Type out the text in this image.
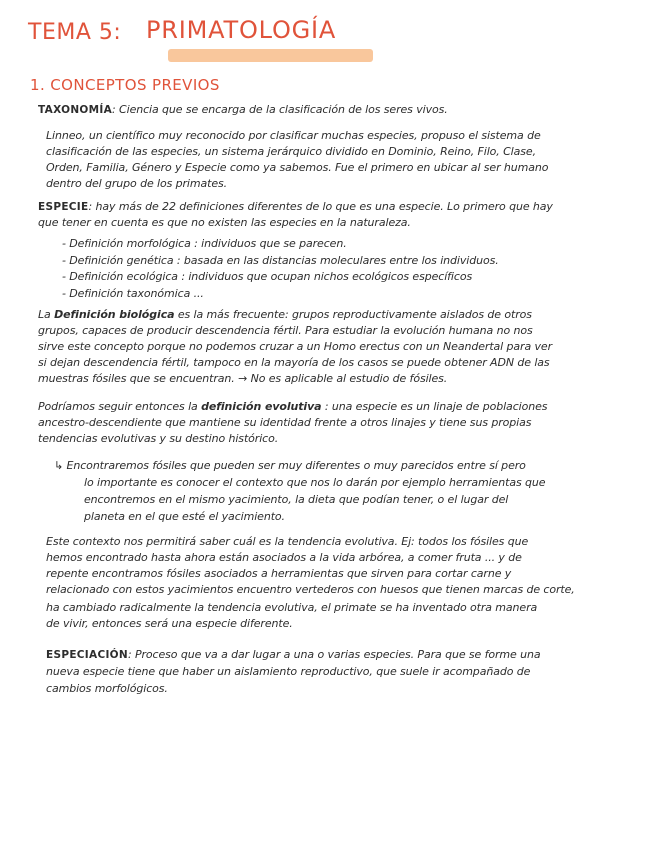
TEMA 5: PRIMATOLOGÍA
1. CONCEPTOS PREVIOS
TAXONOMÍA: Ciencia que se encarga de la clasificación de los seres vivos.
Linneo, un científico muy reconocido por clasificar muchas especies, propuso el sistema de
clasificación de las especies, un sistema jerárquico dividido en Dominio, Reino, Filo, Clase,
Orden, Familia, Género y Especie como ya sabemos. Fue el primero en ubicar al ser humano
dentro del grupo de los primates.
ESPECIE: hay más de 22 definiciones diferentes de lo que es una especie. Lo primero que hay
que tener en cuenta es que no existen las especies en la naturaleza.
- Definición morfológica : individuos que se parecen.
- Definición genética : basada en las distancias moleculares entre los individuos.
- Definición ecológica : individuos que ocupan nichos ecológicos específicos
- Definición taxonómica ...
La Definición biológica es la más frecuente: grupos reproductivamente aislados de otros
grupos, capaces de producir descendencia fértil. Para estudiar la evolución humana no nos
sirve este concepto porque no podemos cruzar a un Homo erectus con un Neandertal para ver
si dejan descendencia fértil, tampoco en la mayoría de los casos se puede obtener ADN de las
muestras fósiles que se encuentran. → No es aplicable al estudio de fósiles.
Podríamos seguir entonces la definición evolutiva : una especie es un linaje de poblaciones
ancestro-descendiente que mantiene su identidad frente a otros linajes y tiene sus propias
tendencias evolutivas y su destino histórico.
↳ Encontraremos fósiles que pueden ser muy diferentes o muy parecidos entre sí pero
lo importante es conocer el contexto que nos lo darán por ejemplo herramientas que
encontremos en el mismo yacimiento, la dieta que podían tener, o el lugar del
planeta en el que esté el yacimiento.
Este contexto nos permitirá saber cuál es la tendencia evolutiva. Ej: todos los fósiles que
hemos encontrado hasta ahora están asociados a la vida arbórea, a comer fruta ... y de
repente encontramos fósiles asociados a herramientas que sirven para cortar carne y
relacionado con estos yacimientos encuentro vertederos con huesos que tienen marcas de corte,
ha cambiado radicalmente la tendencia evolutiva, el primate se ha inventado otra manera
de vivir, entonces será una especie diferente.
ESPECIACIÓN: Proceso que va a dar lugar a una o varias especies. Para que se forme una
nueva especie tiene que haber un aislamiento reproductivo, que suele ir acompañado de
cambios morfológicos.
